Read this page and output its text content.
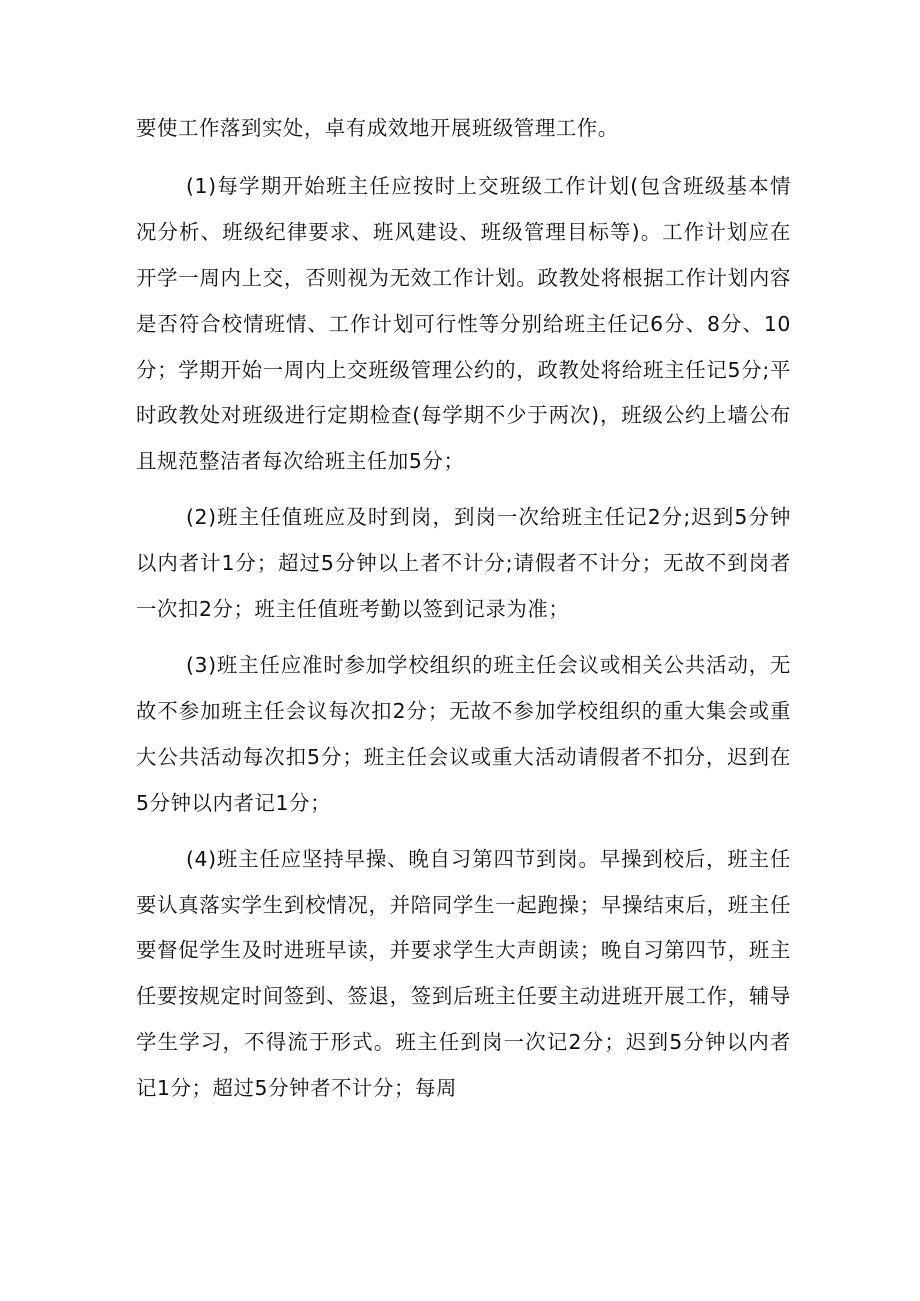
要使工作落到实处，卓有成效地开展班级管理工作。

(1)每学期开始班主任应按时上交班级工作计划(包含班级基本情况分析、班级纪律要求、班风建设、班级管理目标等)。工作计划应在开学一周内上交，否则视为无效工作计划。政教处将根据工作计划内容是否符合校情班情、工作计划可行性等分别给班主任记6分、8分、10分；学期开始一周内上交班级管理公约的，政教处将给班主任记5分;平时政教处对班级进行定期检查(每学期不少于两次)，班级公约上墙公布且规范整洁者每次给班主任加5分；

(2)班主任值班应及时到岗，到岗一次给班主任记2分;迟到5分钟以内者计1分；超过5分钟以上者不计分;请假者不计分；无故不到岗者一次扣2分；班主任值班考勤以签到记录为准；

(3)班主任应准时参加学校组织的班主任会议或相关公共活动，无故不参加班主任会议每次扣2分；无故不参加学校组织的重大集会或重大公共活动每次扣5分；班主任会议或重大活动请假者不扣分，迟到在5分钟以内者记1分；

(4)班主任应坚持早操、晚自习第四节到岗。早操到校后，班主任要认真落实学生到校情况，并陪同学生一起跑操；早操结束后，班主任要督促学生及时进班早读，并要求学生大声朗读；晚自习第四节，班主任要按规定时间签到、签退，签到后班主任要主动进班开展工作，辅导学生学习，不得流于形式。班主任到岗一次记2分；迟到5分钟以内者记1分；超过5分钟者不计分；每周
